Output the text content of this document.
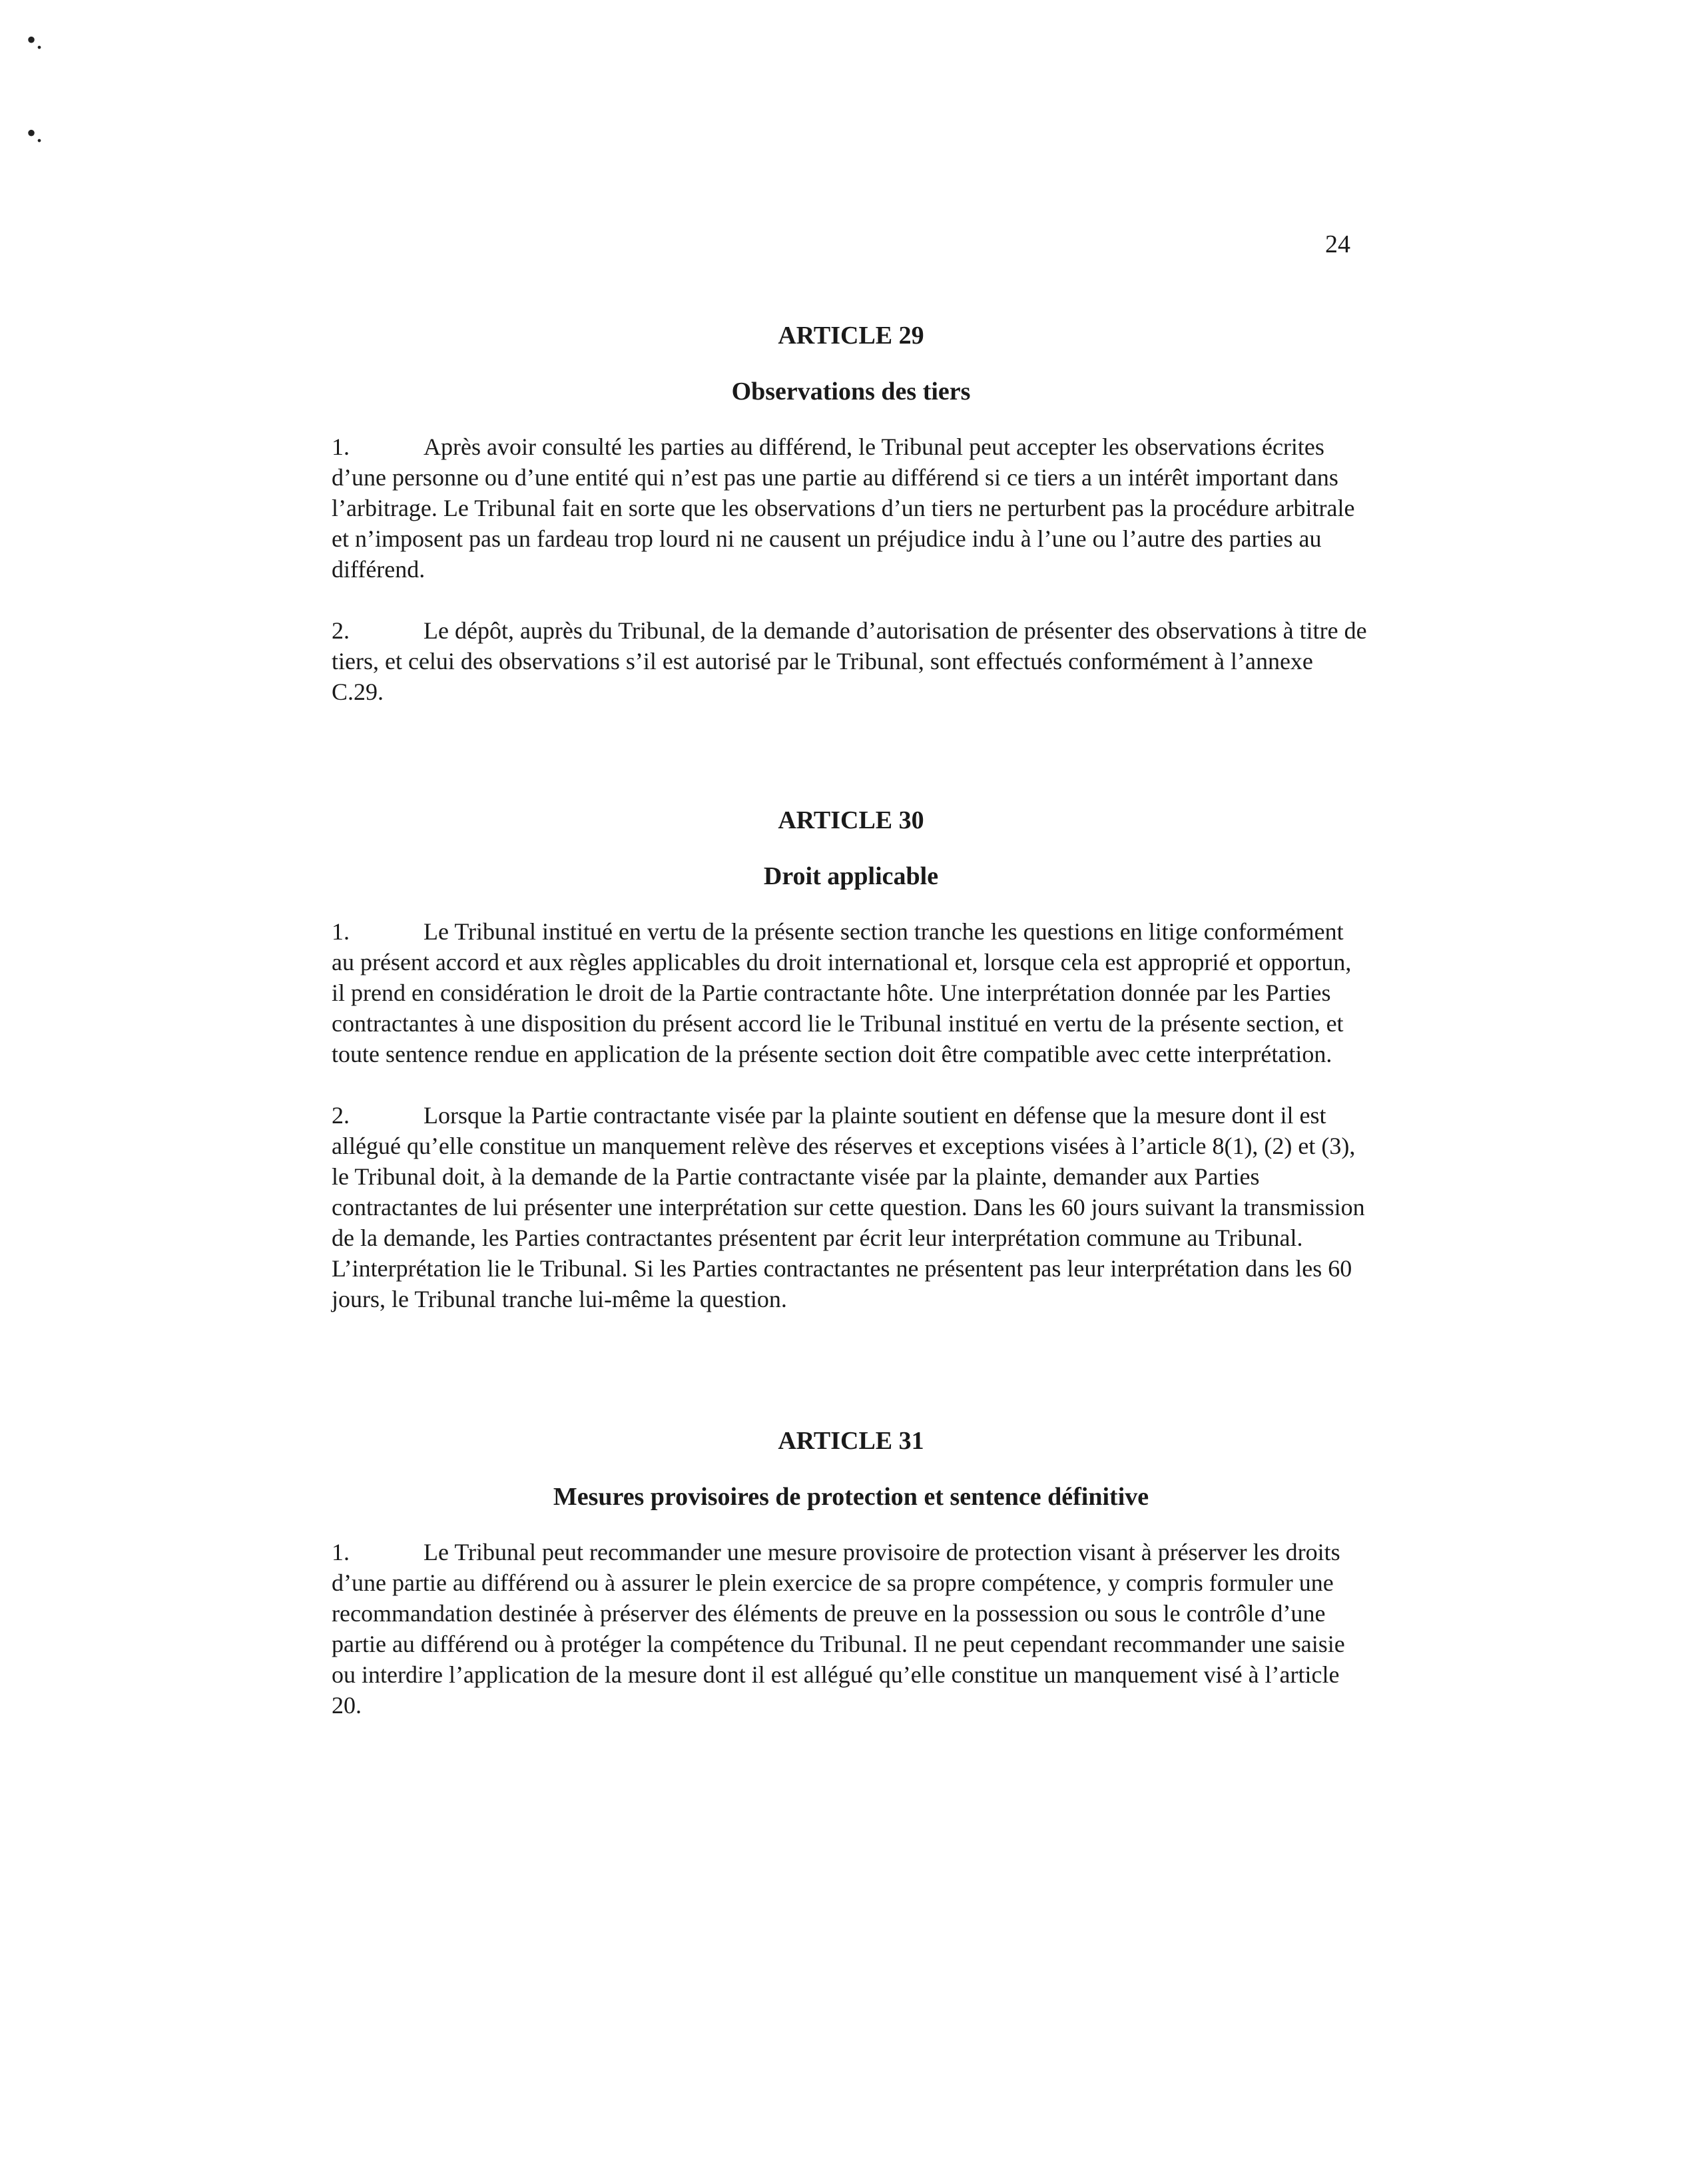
•.
•.
24
ARTICLE 29
Observations des tiers

1.	Après avoir consulté les parties au différend, le Tribunal peut accepter les observations écrites d’une personne ou d’une entité qui n’est pas une partie au différend si ce tiers a un intérêt important dans l’arbitrage. Le Tribunal fait en sorte que les observations d’un tiers ne perturbent pas la procédure arbitrale et n’imposent pas un fardeau trop lourd ni ne causent un préjudice indu à l’une ou l’autre des parties au différend.

2.	Le dépôt, auprès du Tribunal, de la demande d’autorisation de présenter des observations à titre de tiers, et celui des observations s’il est autorisé par le Tribunal, sont effectués conformément à l’annexe C.29.

ARTICLE 30
Droit applicable

1.	Le Tribunal institué en vertu de la présente section tranche les questions en litige conformément au présent accord et aux règles applicables du droit international et, lorsque cela est approprié et opportun, il prend en considération le droit de la Partie contractante hôte. Une interprétation donnée par les Parties contractantes à une disposition du présent accord lie le Tribunal institué en vertu de la présente section, et toute sentence rendue en application de la présente section doit être compatible avec cette interprétation.

2.	Lorsque la Partie contractante visée par la plainte soutient en défense que la mesure dont il est allégué qu’elle constitue un manquement relève des réserves et exceptions visées à l’article 8(1), (2) et (3), le Tribunal doit, à la demande de la Partie contractante visée par la plainte, demander aux Parties contractantes de lui présenter une interprétation sur cette question. Dans les 60 jours suivant la transmission de la demande, les Parties contractantes présentent par écrit leur interprétation commune au Tribunal. L’interprétation lie le Tribunal. Si les Parties contractantes ne présentent pas leur interprétation dans les 60 jours, le Tribunal tranche lui-même la question.

ARTICLE 31
Mesures provisoires de protection et sentence définitive

1.	Le Tribunal peut recommander une mesure provisoire de protection visant à préserver les droits d’une partie au différend ou à assurer le plein exercice de sa propre compétence, y compris formuler une recommandation destinée à préserver des éléments de preuve en la possession ou sous le contrôle d’une partie au différend ou à protéger la compétence du Tribunal. Il ne peut cependant recommander une saisie ou interdire l’application de la mesure dont il est allégué qu’elle constitue un manquement visé à l’article 20.
